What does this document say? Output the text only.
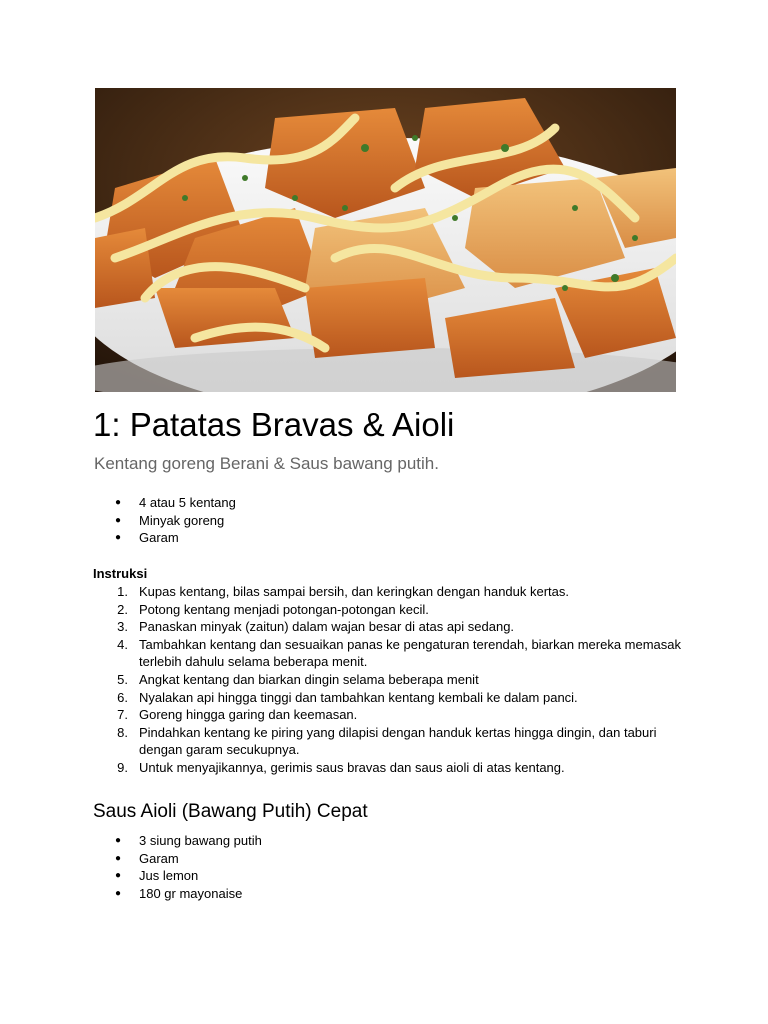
1: Patatas Bravas & Aioli

Kentang goreng Berani & Saus bawang putih.

● 4 atau 5 kentang
● Minyak goreng
● Garam
Instruksi
1. Kupas kentang, bilas sampai bersih, dan keringkan dengan handuk kertas.
2. Potong kentang menjadi potongan-potongan kecil.
3. Panaskan minyak (zaitun) dalam wajan besar di atas api sedang.
4. Tambahkan kentang dan sesuaikan panas ke pengaturan terendah, biarkan mereka memasak terlebih dahulu selama beberapa menit.
5. Angkat kentang dan biarkan dingin selama beberapa menit
6. Nyalakan api hingga tinggi dan tambahkan kentang kembali ke dalam panci.
7. Goreng hingga garing dan keemasan.
8. Pindahkan kentang ke piring yang dilapisi dengan handuk kertas hingga dingin, dan taburi dengan garam secukupnya.
9. Untuk menyajikannya, gerimis saus bravas dan saus aioli di atas kentang.
Saus Aioli (Bawang Putih) Cepat
● 3 siung bawang putih
● Garam
● Jus lemon
● 180 gr mayonaise
